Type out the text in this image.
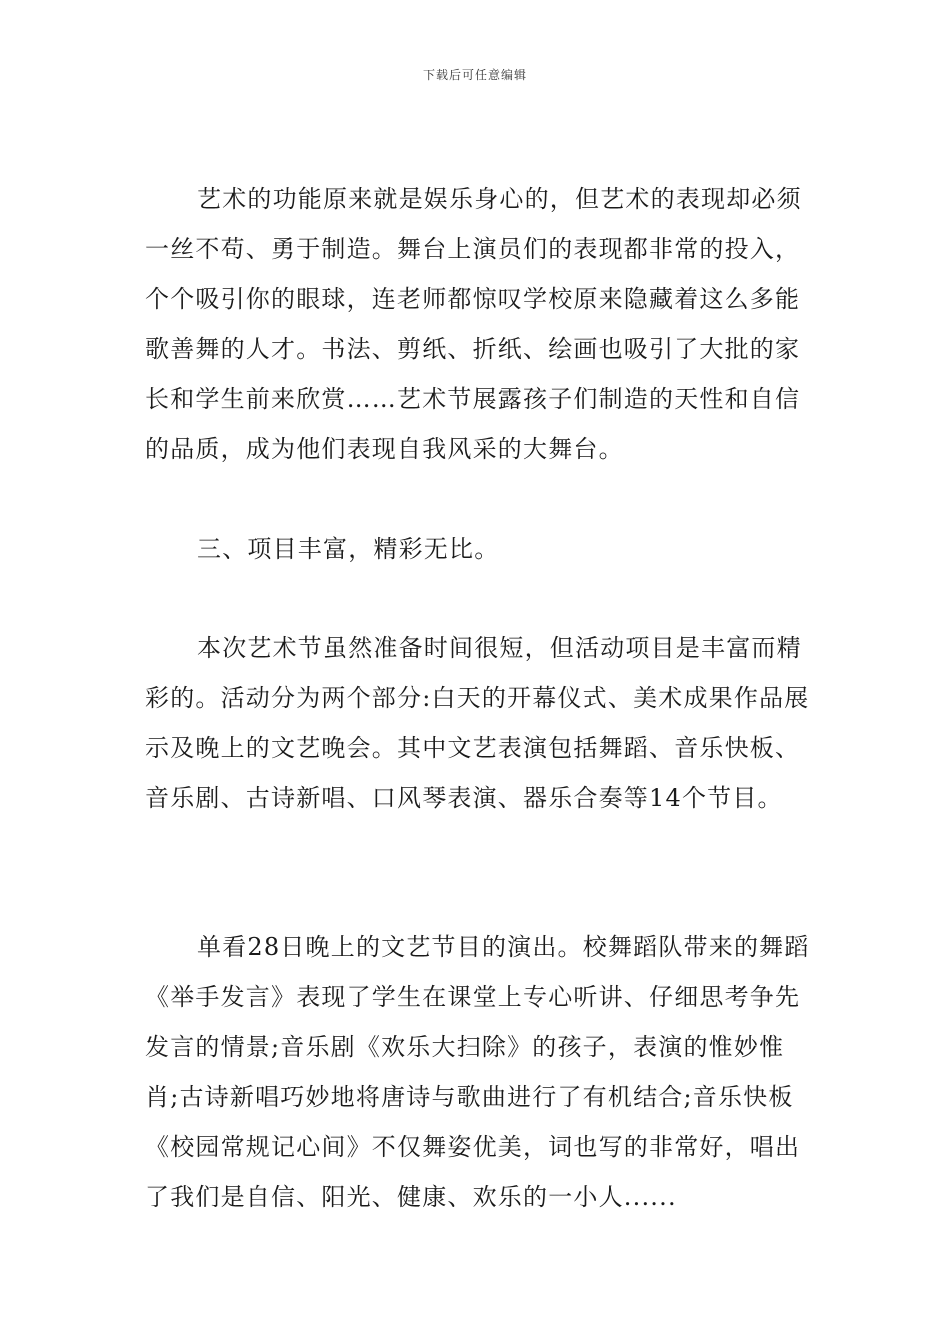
下载后可任意编辑

艺术的功能原来就是娱乐身心的，但艺术的表现却必须一丝不苟、勇于制造。舞台上演员们的表现都非常的投入，个个吸引你的眼球，连老师都惊叹学校原来隐藏着这么多能歌善舞的人才。书法、剪纸、折纸、绘画也吸引了大批的家长和学生前来欣赏……艺术节展露孩子们制造的天性和自信的品质，成为他们表现自我风采的大舞台。

三、项目丰富，精彩无比。

本次艺术节虽然准备时间很短，但活动项目是丰富而精彩的。活动分为两个部分:白天的开幕仪式、美术成果作品展示及晚上的文艺晚会。其中文艺表演包括舞蹈、音乐快板、音乐剧、古诗新唱、口风琴表演、器乐合奏等14个节目。

单看28日晚上的文艺节目的演出。校舞蹈队带来的舞蹈《举手发言》表现了学生在课堂上专心听讲、仔细思考争先发言的情景;音乐剧《欢乐大扫除》的孩子，表演的惟妙惟肖;古诗新唱巧妙地将唐诗与歌曲进行了有机结合;音乐快板《校园常规记心间》不仅舞姿优美，词也写的非常好，唱出了我们是自信、阳光、健康、欢乐的一小人......
